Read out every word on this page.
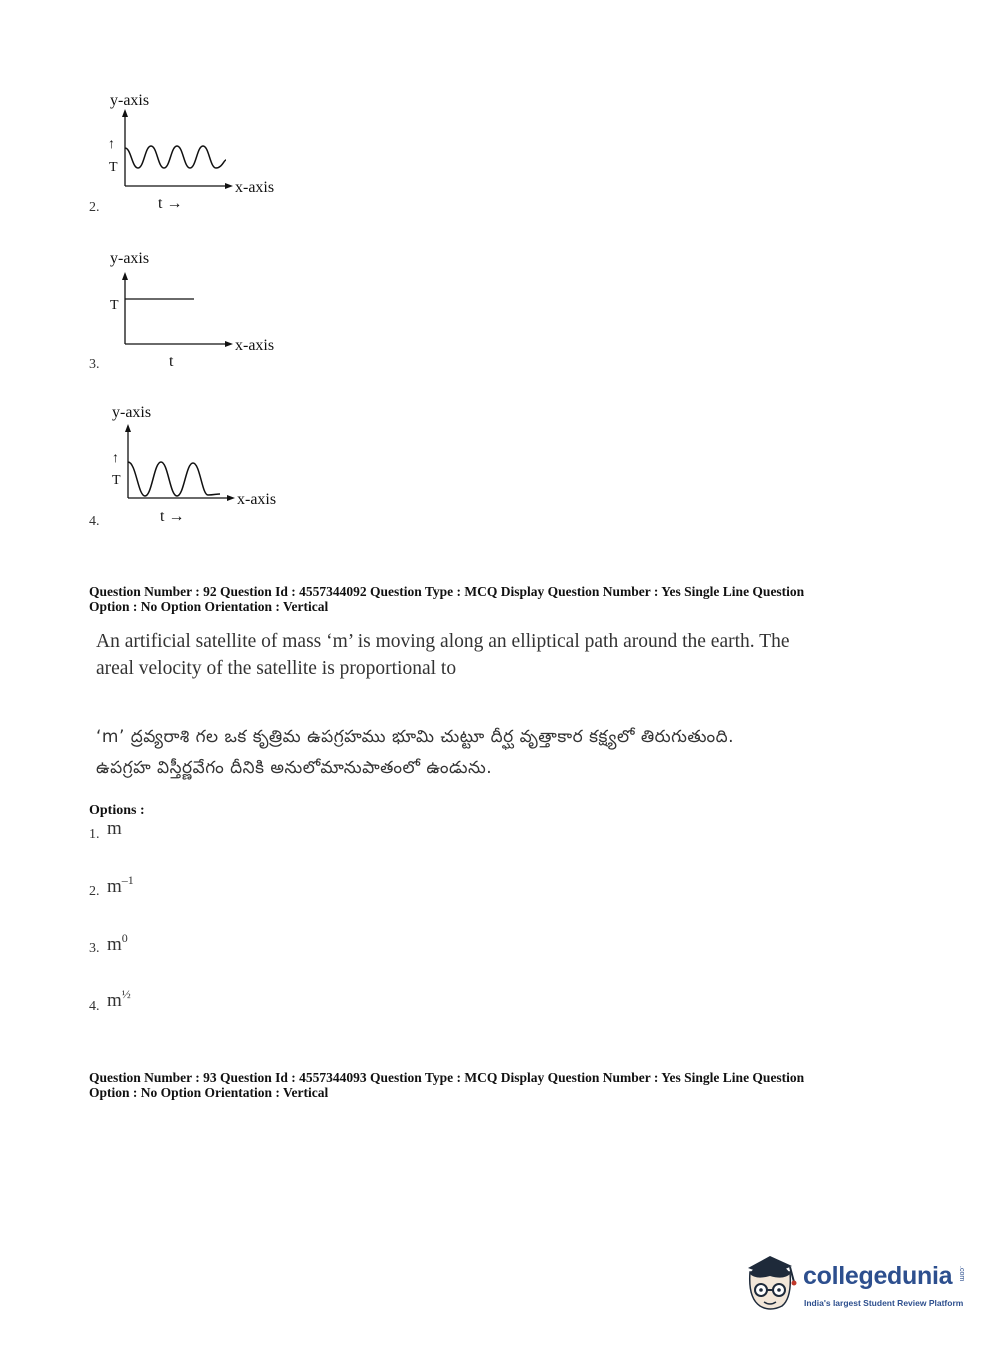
2.
y-axis
↑
T
x-axis
t →
3.
y-axis
T
x-axis
t
4.
y-axis
↑
T
x-axis
t →
Question Number : 92 Question Id : 4557344092 Question Type : MCQ Display Question Number : Yes Single Line Question
Option : No Option Orientation : Vertical
An artificial satellite of mass ‘m’ is moving along an elliptical path around the earth. The
areal velocity of the satellite is proportional to
‘m’ ద్రవ్యరాశి గల ఒక కృత్రిమ ఉపగ్రహము భూమి చుట్టూ దీర్ఘ వృత్తాకార కక్ష్యలో తిరుగుతుంది.
ఉపగ్రహ విస్తీర్ణవేగం దీనికి అనులోమానుపాతంలో ఉండును.
Options :
1. m
2. $m^{-1}$
3. $m^0$
4. $m^{\frac{1}{2}}$
Question Number : 93 Question Id : 4557344093 Question Type : MCQ Display Question Number : Yes Single Line Question
Option : No Option Orientation : Vertical
collegedunia .com
India's largest Student Review Platform
